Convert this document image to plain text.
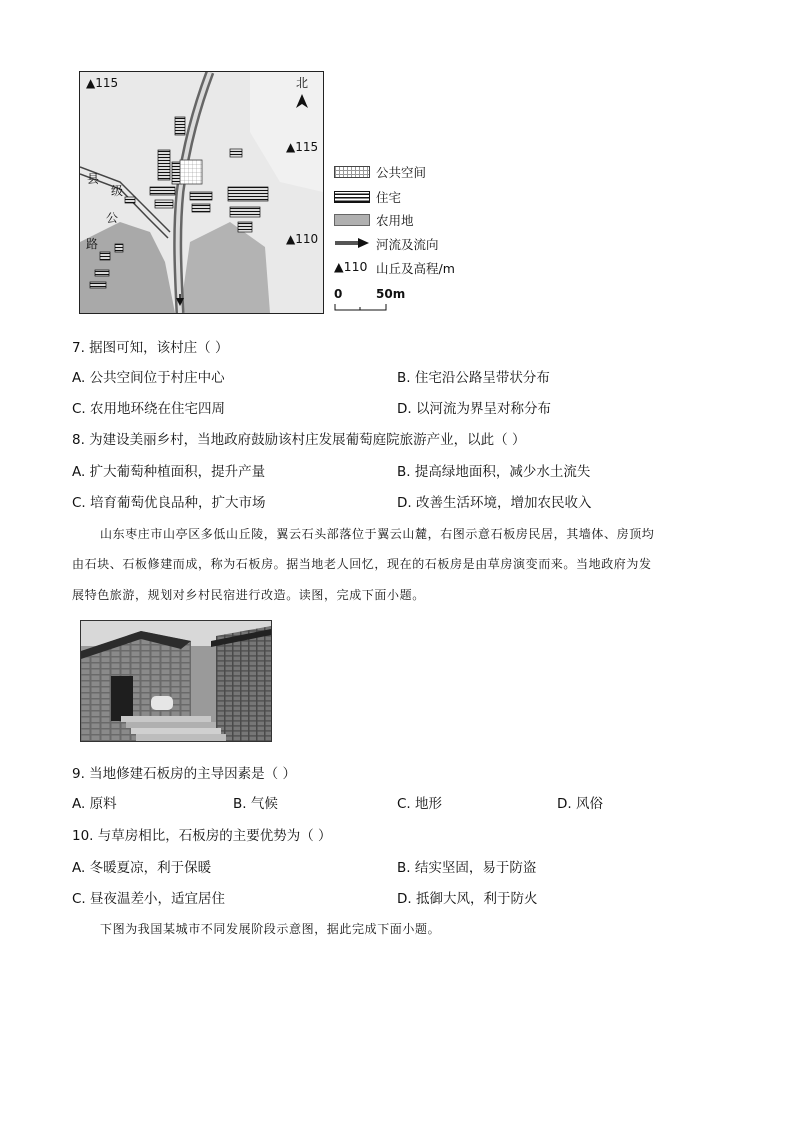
▲115	北
▲115
▲110
县
级
公
路
公共空间
住宅
农用地
河流及流向
▲110 山丘及高程/m
0	50m
7. 据图可知，该村庄（ ）
A. 公共空间位于村庄中心	B. 住宅沿公路呈带状分布
C. 农用地环绕在住宅四周	D. 以河流为界呈对称分布
8. 为建设美丽乡村，当地政府鼓励该村庄发展葡萄庭院旅游产业，以此（ ）
A. 扩大葡萄种植面积，提升产量	B. 提高绿地面积，减少水土流失
C. 培育葡萄优良品种，扩大市场	D. 改善生活环境，增加农民收入
山东枣庄市山亭区多低山丘陵，翼云石头部落位于翼云山麓，右图示意石板房民居，其墙体、房顶均
由石块、石板修建而成，称为石板房。据当地老人回忆，现在的石板房是由草房演变而来。当地政府为发
展特色旅游，规划对乡村民宿进行改造。读图，完成下面小题。
9. 当地修建石板房的主导因素是（ ）
A. 原料	B. 气候	C. 地形	D. 风俗
10. 与草房相比，石板房的主要优势为（ ）
A. 冬暖夏凉，利于保暖	B. 结实坚固，易于防盗
C. 昼夜温差小，适宜居住	D. 抵御大风，利于防火
下图为我国某城市不同发展阶段示意图，据此完成下面小题。
